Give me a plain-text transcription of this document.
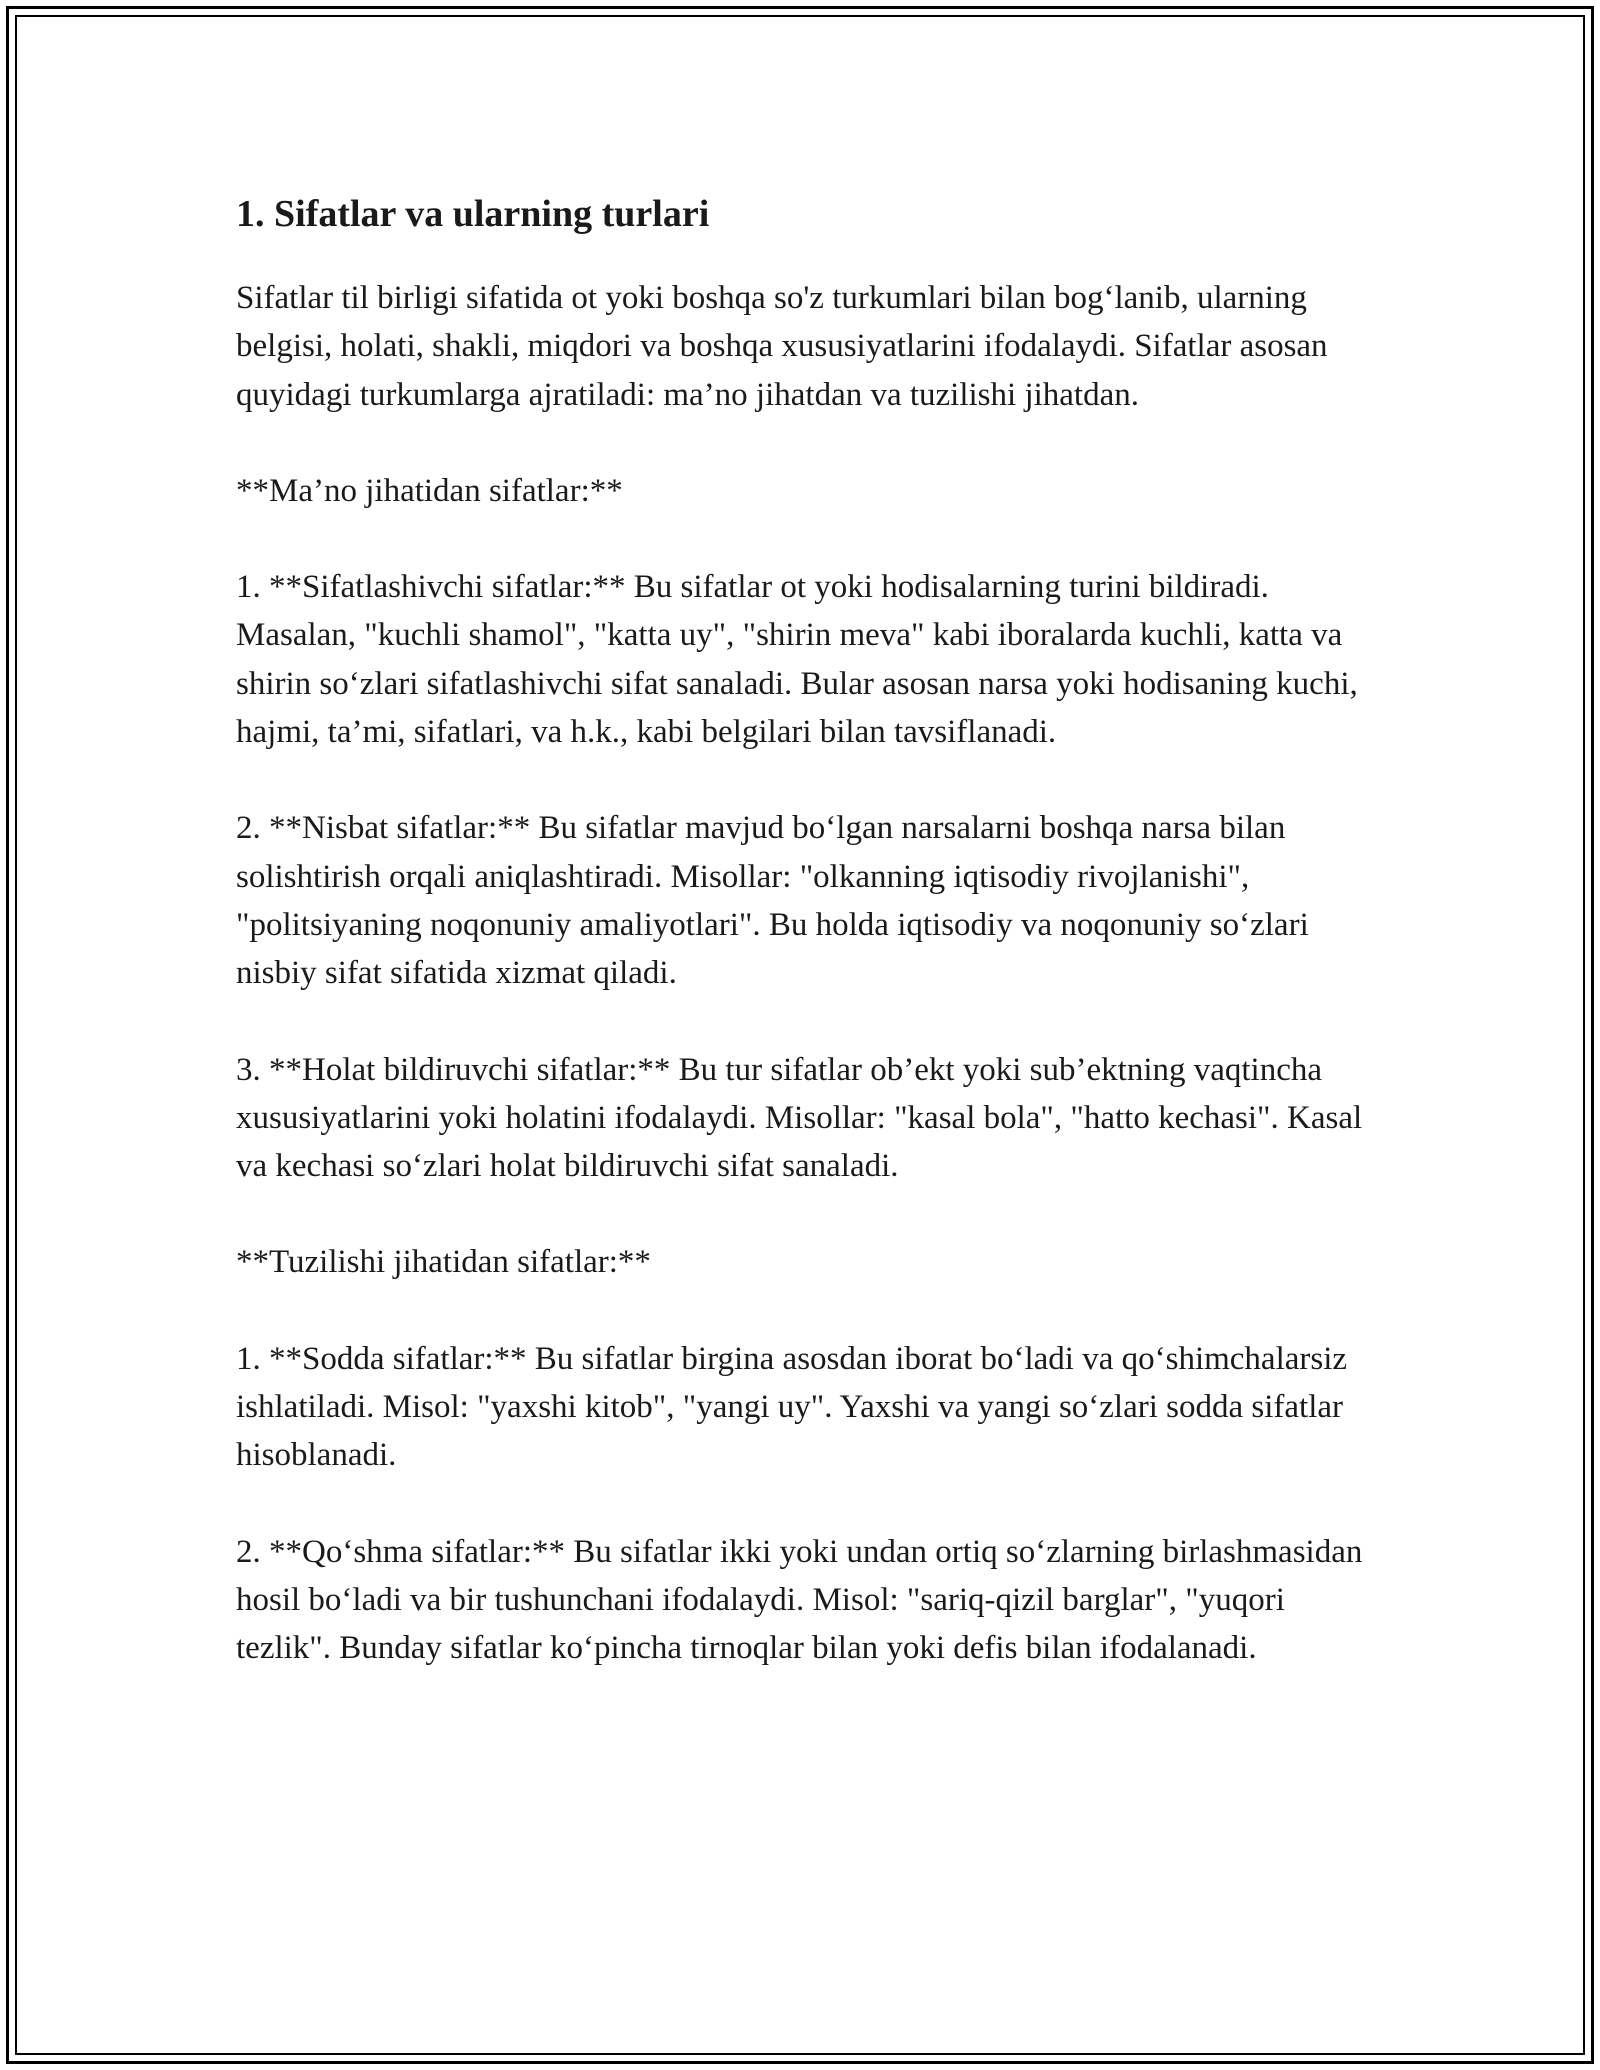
1. Sifatlar va ularning turlari

Sifatlar til birligi sifatida ot yoki boshqa so'z turkumlari bilan bog‘lanib, ularning belgisi, holati, shakli, miqdori va boshqa xususiyatlarini ifodalaydi. Sifatlar asosan quyidagi turkumlarga ajratiladi: ma’no jihatdan va tuzilishi jihatdan.

**Ma’no jihatidan sifatlar:**

1. **Sifatlashivchi sifatlar:** Bu sifatlar ot yoki hodisalarning turini bildiradi. Masalan, "kuchli shamol", "katta uy", "shirin meva" kabi iboralarda kuchli, katta va shirin so‘zlari sifatlashivchi sifat sanaladi. Bular asosan narsa yoki hodisaning kuchi, hajmi, ta’mi, sifatlari, va h.k., kabi belgilari bilan tavsiflanadi.

2. **Nisbat sifatlar:** Bu sifatlar mavjud bo‘lgan narsalarni boshqa narsa bilan solishtirish orqali aniqlashtiradi. Misollar: "olkanning iqtisodiy rivojlanishi", "politsiyaning noqonuniy amaliyotlari". Bu holda iqtisodiy va noqonuniy so‘zlari nisbiy sifat sifatida xizmat qiladi.

3. **Holat bildiruvchi sifatlar:** Bu tur sifatlar ob’ekt yoki sub’ektning vaqtincha xususiyatlarini yoki holatini ifodalaydi. Misollar: "kasal bola", "hatto kechasi". Kasal va kechasi so‘zlari holat bildiruvchi sifat sanaladi.

**Tuzilishi jihatidan sifatlar:**

1. **Sodda sifatlar:** Bu sifatlar birgina asosdan iborat bo‘ladi va qo‘shimchalarsiz ishlatiladi. Misol: "yaxshi kitob", "yangi uy". Yaxshi va yangi so‘zlari sodda sifatlar hisoblanadi.

2. **Qo‘shma sifatlar:** Bu sifatlar ikki yoki undan ortiq so‘zlarning birlashmasidan hosil bo‘ladi va bir tushunchani ifodalaydi. Misol: "sariq-qizil barglar", "yuqori tezlik". Bunday sifatlar ko‘pincha tirnoqlar bilan yoki defis bilan ifodalanadi.
